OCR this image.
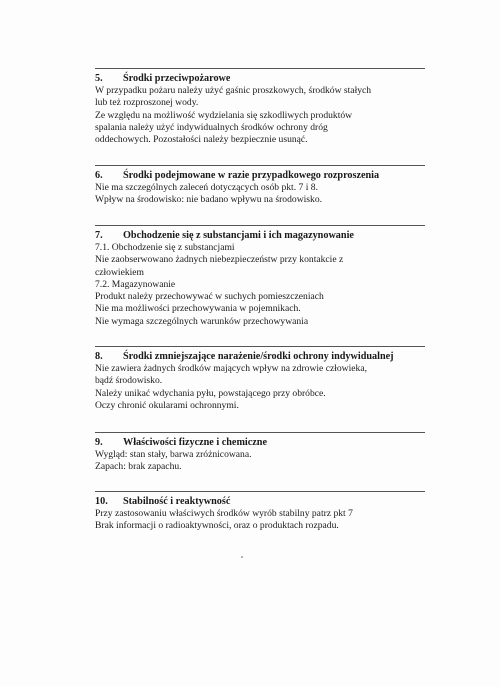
5.	Środki przeciwpożarowe
W przypadku pożaru należy użyć gaśnic proszkowych, środków stałych
lub też rozproszonej wody.
Ze względu na możliwość wydzielania się szkodliwych produktów
spalania należy użyć indywidualnych środków ochrony dróg
oddechowych. Pozostałości należy bezpiecznie usunąć.
6.	Środki podejmowane w razie przypadkowego rozproszenia
Nie ma szczególnych zaleceń dotyczących osób pkt. 7 i 8.
Wpływ na środowisko: nie badano wpływu na środowisko.
7.	Obchodzenie się z substancjami i ich magazynowanie
7.1. Obchodzenie się z substancjami
Nie zaobserwowano żadnych niebezpieczeństw przy kontakcie z
człowiekiem
7.2. Magazynowanie
Produkt należy przechowywać w suchych pomieszczeniach
Nie ma możliwości przechowywania w pojemnikach.
Nie wymaga szczególnych warunków przechowywania
8.	Środki zmniejszające narażenie/środki ochrony indywidualnej
Nie zawiera żadnych środków mających wpływ na zdrowie człowieka,
bądź środowisko.
Należy unikać wdychania pyłu, powstającego przy obróbce.
Oczy chronić okularami ochronnymi.
9.	Właściwości fizyczne i chemiczne
Wygląd: stan stały, barwa zróżnicowana.
Zapach: brak zapachu.
10.	Stabilność i reaktywność
Przy zastosowaniu właściwych środków wyrób stabilny patrz pkt 7
Brak informacji o radioaktywności, oraz o produktach rozpadu.
